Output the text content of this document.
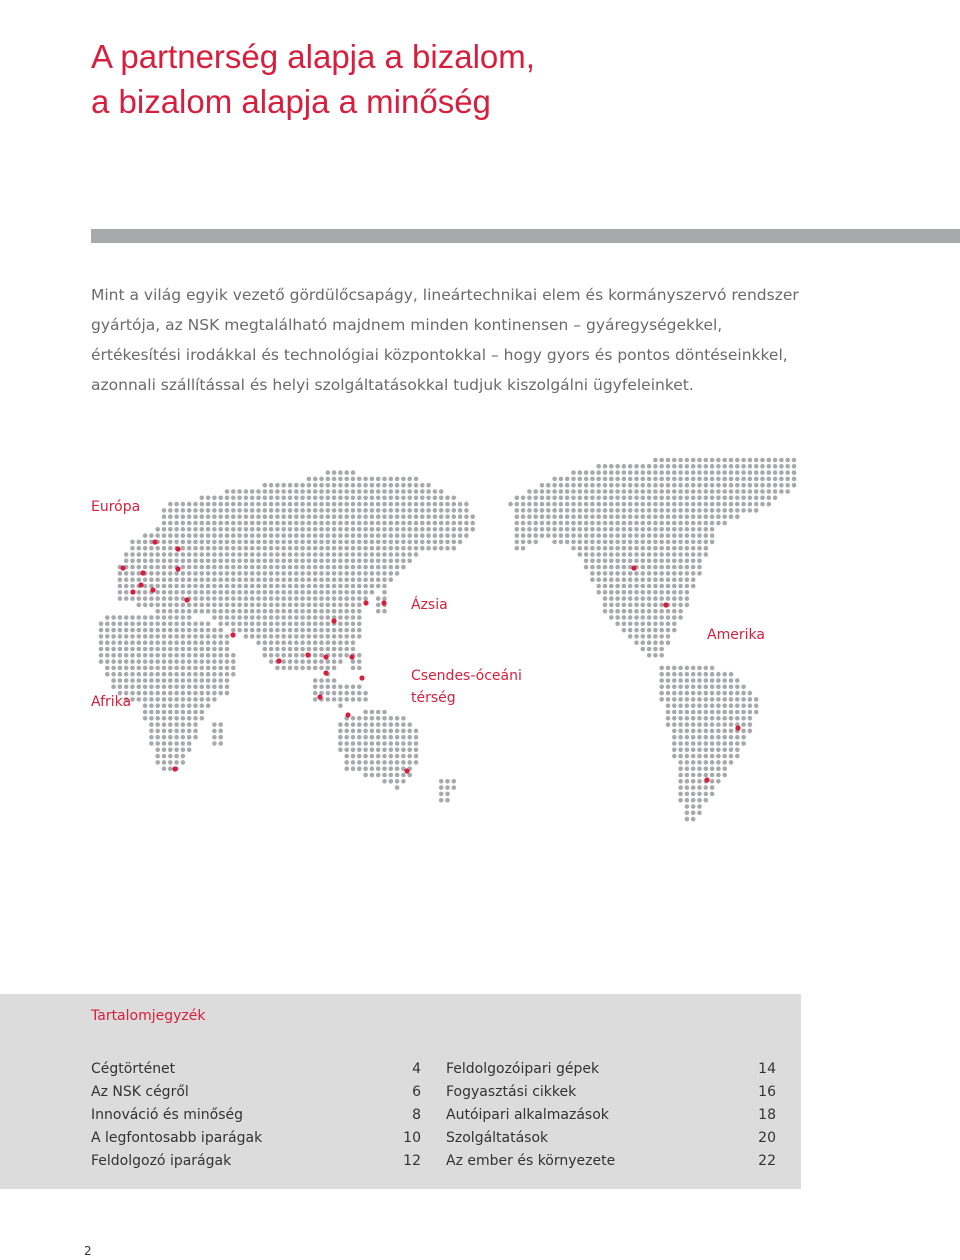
A partnerség alapja a bizalom,
a bizalom alapja a minőség

Mint a világ egyik vezető gördülőcsapágy, lineártechnikai elem és kormányszervó rendszer
gyártója, az NSK megtalálható majdnem minden kontinensen – gyáregységekkel,
értékesítési irodákkal és technológiai központokkal – hogy gyors és pontos döntéseinkkel,
azonnali szállítással és helyi szolgáltatásokkal tudjuk kiszolgálni ügyfeleinket.

Európa

Ázsia

Amerika

Afrika

Csendes-óceáni
térség

Tartalomjegyzék
Cégtörténet	4
Az NSK cégről	6
Innováció és minőség	8
A legfontosabb iparágak	10
Feldolgozó iparágak	12
Feldolgozóipari gépek	14
Fogyasztási cikkek	16
Autóipari alkalmazások	18
Szolgáltatások	20
Az ember és környezete	22
2
